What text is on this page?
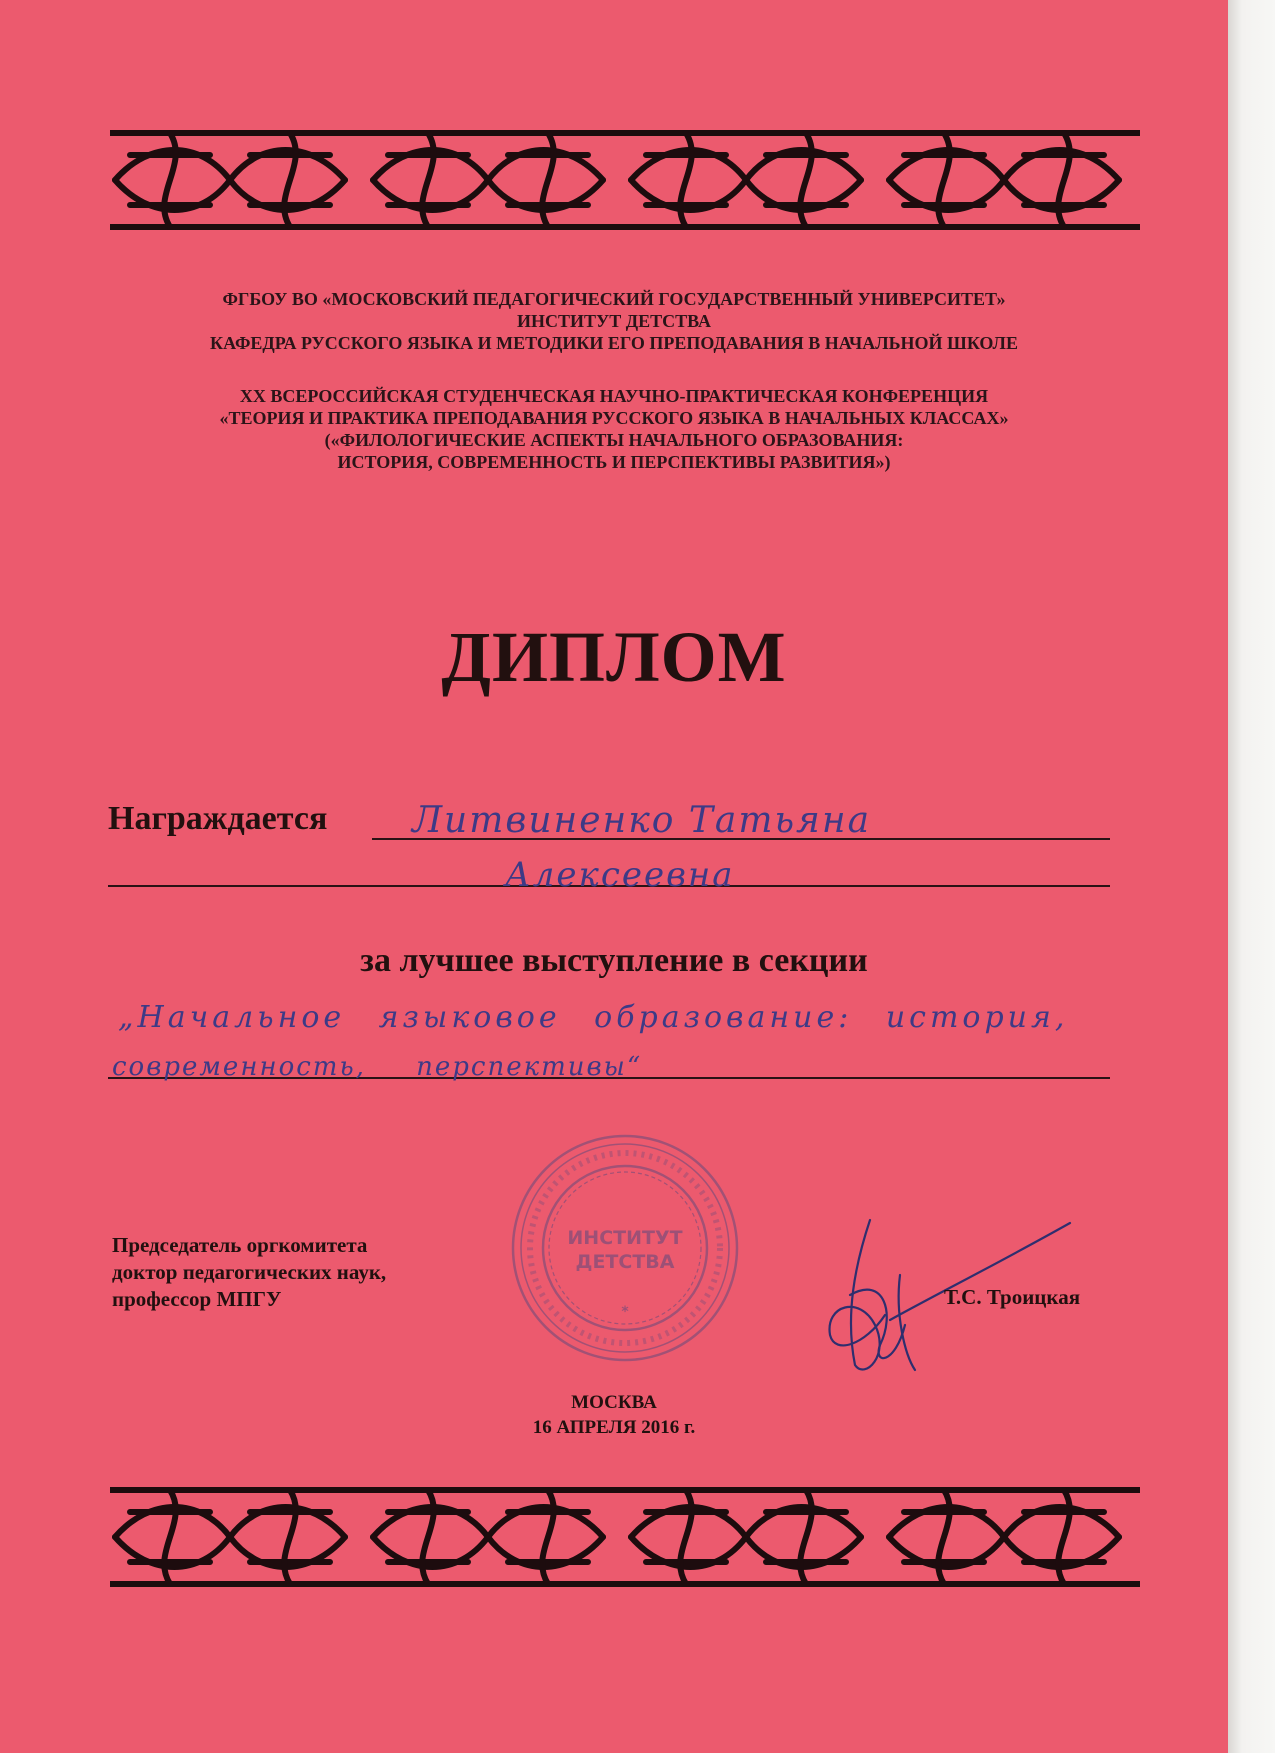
ФГБОУ ВО «МОСКОВСКИЙ ПЕДАГОГИЧЕСКИЙ ГОСУДАРСТВЕННЫЙ УНИВЕРСИТЕТ»
ИНСТИТУТ ДЕТСТВА
КАФЕДРА РУССКОГО ЯЗЫКА И МЕТОДИКИ ЕГО ПРЕПОДАВАНИЯ В НАЧАЛЬНОЙ ШКОЛЕ
XX ВСЕРОССИЙСКАЯ СТУДЕНЧЕСКАЯ НАУЧНО-ПРАКТИЧЕСКАЯ КОНФЕРЕНЦИЯ
«ТЕОРИЯ И ПРАКТИКА ПРЕПОДАВАНИЯ РУССКОГО ЯЗЫКА В НАЧАЛЬНЫХ КЛАССАХ»
(«ФИЛОЛОГИЧЕСКИЕ АСПЕКТЫ НАЧАЛЬНОГО ОБРАЗОВАНИЯ:
ИСТОРИЯ, СОВРЕМЕННОСТЬ И ПЕРСПЕКТИВЫ РАЗВИТИЯ»)
ДИПЛОМ
Награждается Литвиненко Татьяна
Алексеевна
за лучшее выступление в секции
„Начальное языковое образование: история,
современность, перспективы“
ИНСТИТУТ
ДЕТСТВА
*
Председатель оргкомитета
доктор педагогических наук,
профессор МПГУ	Т.С. Троицкая
МОСКВА
16 АПРЕЛЯ 2016 г.
